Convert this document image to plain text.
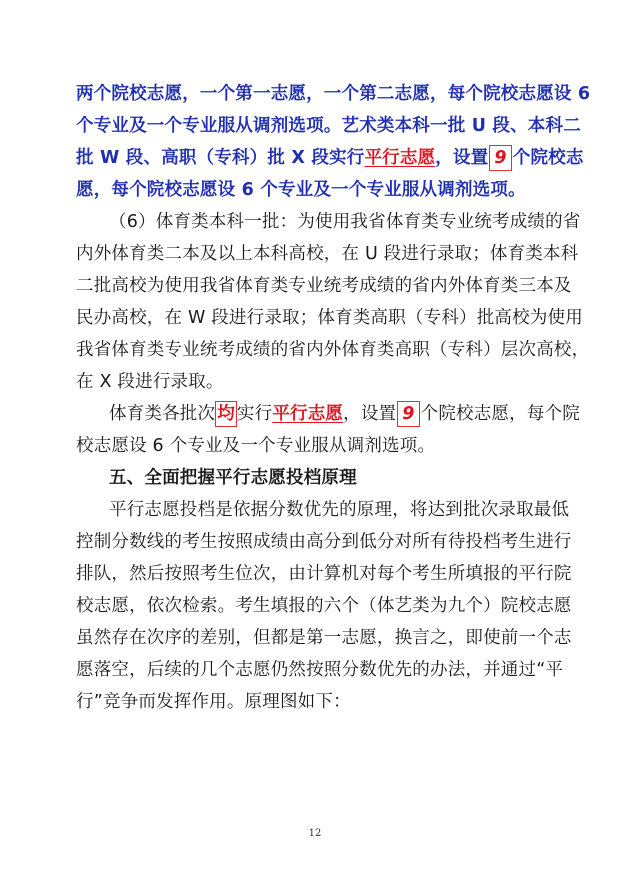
两个院校志愿，一个第一志愿，一个第二志愿，每个院校志愿设 6
个专业及一个专业服从调剂选项。艺术类本科一批 U 段、本科二
批 W 段、高职（专科）批 X 段实行平行志愿，设置 9 个院校志
愿，每个院校志愿设 6 个专业及一个专业服从调剂选项。
（6）体育类本科一批：为使用我省体育类专业统考成绩的省
内外体育类二本及以上本科高校，在 U 段进行录取；体育类本科
二批高校为使用我省体育类专业统考成绩的省内外体育类三本及
民办高校，在 W 段进行录取；体育类高职（专科）批高校为使用
我省体育类专业统考成绩的省内外体育类高职（专科）层次高校，
在 X 段进行录取。
体育类各批次 均 实行平行志愿，设置 9 个院校志愿，每个院
校志愿设 6 个专业及一个专业服从调剂选项。
五、全面把握平行志愿投档原理
平行志愿投档是依据分数优先的原理，将达到批次录取最低
控制分数线的考生按照成绩由高分到低分对所有待投档考生进行
排队，然后按照考生位次，由计算机对每个考生所填报的平行院
校志愿，依次检索。考生填报的六个（体艺类为九个）院校志愿
虽然存在次序的差别，但都是第一志愿，换言之，即使前一个志
愿落空，后续的几个志愿仍然按照分数优先的办法，并通过“平
行”竞争而发挥作用。原理图如下：
12
